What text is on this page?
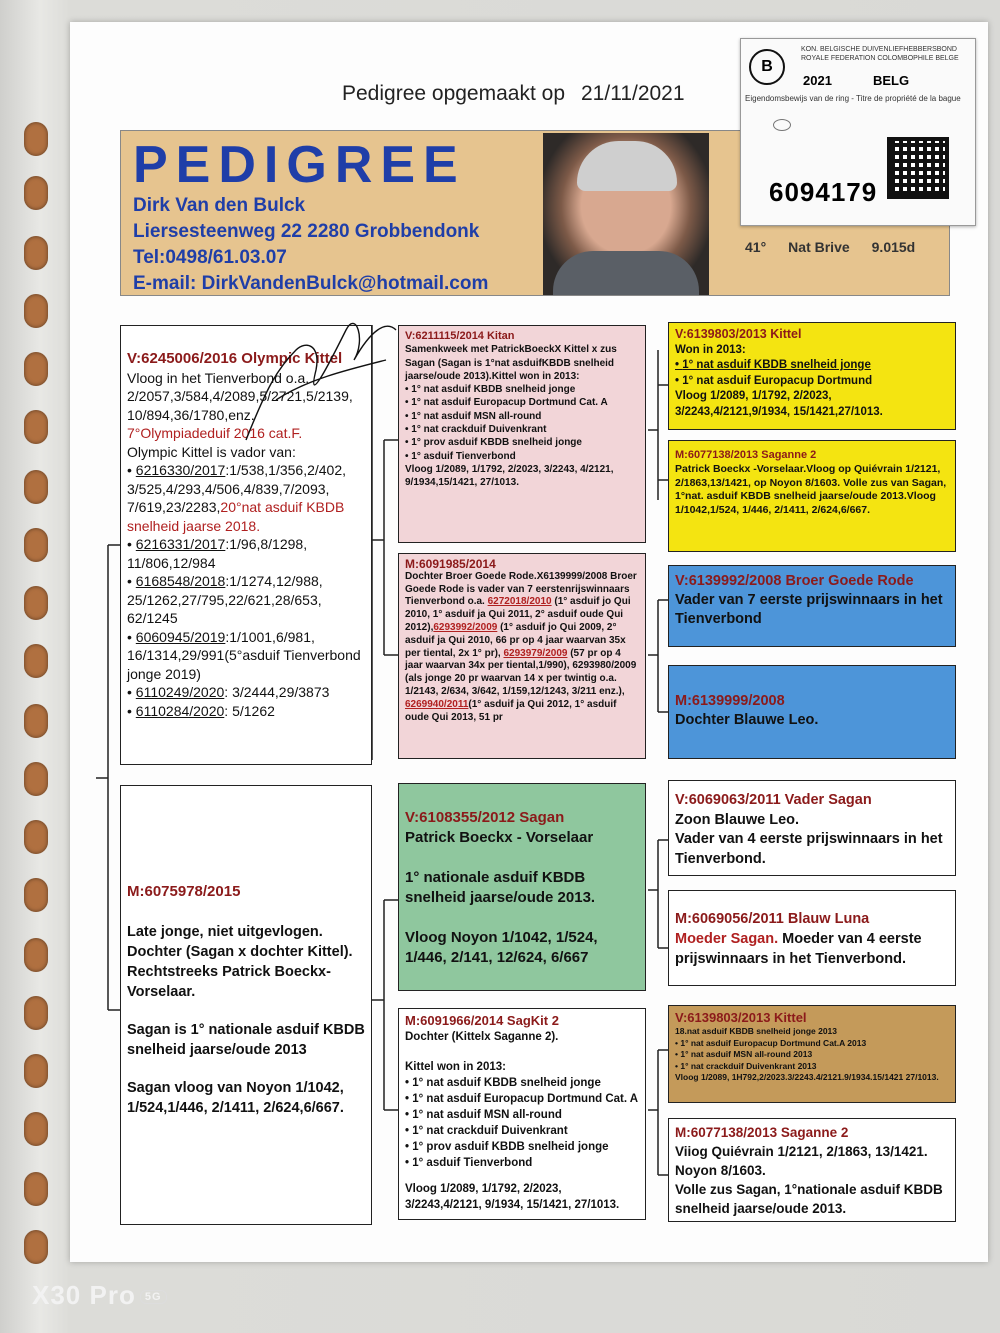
Pedigree opgemaakt op 21/11/2021
PEDIGREE
Dirk Van den Bulck
Liersesteenweg 22 2280 Grobbendonk
Tel:0498/61.03.07
E-mail: DirkVandenBulck@hotmail.com
41° Nat Brive 9.015d
B
KON. BELGISCHE DUIVENLIEFHEBBERSBOND ROYALE FEDERATION COLOMBOPHILE BELGE
2021	BELG
Eigendomsbewijs van de ring - Titre de propriété de la bague
6094179
V:6245006/2016 Olympic Kittel
Vloog in het Tienverbond o.a.
2/2057,3/584,4/2089,5/2721,5/2139,
10/894,36/1780,enz.
7°Olympiadeduif 2016 cat.F.
Olympic Kittel is vador van:
• 6216330/2017:1/538,1/356,2/402, 3/525,4/293,4/506,4/839,7/2093, 7/619,23/2283,20°nat asduif KBDB snelheid jaarse 2018.
• 6216331/2017:1/96,8/1298, 11/806,12/984
• 6168548/2018:1/1274,12/988, 25/1262,27/795,22/621,28/653, 62/1245
• 6060945/2019:1/1001,6/981, 16/1314,29/991(5°asduif Tienverbond jonge 2019)
• 6110249/2020: 3/2444,29/3873
• 6110284/2020: 5/1262
M:6075978/2015
Late jonge, niet uitgevlogen. Dochter (Sagan x dochter Kittel). Rechtstreeks Patrick Boeckx-Vorselaar.
Sagan is 1° nationale asduif KBDB snelheid jaarse/oude 2013
Sagan vloog van Noyon 1/1042, 1/524,1/446, 2/1411, 2/624,6/667.
V:6211115/2014 Kitan
Samenkweek met PatrickBoeckX Kittel x zus Sagan (Sagan is 1°nat asduifKBDB snelheid jaarse/oude 2013).Kittel won in 2013:
• 1° nat asduif KBDB snelheid jonge
• 1° nat asduif Europacup Dortmund Cat. A
• 1° nat asduif MSN all-round
• 1° nat crackduif Duivenkrant
• 1° prov asduif KBDB snelheid jonge
• 1° asduif Tienverbond
Vloog 1/2089, 1/1792, 2/2023, 3/2243, 4/2121, 9/1934,15/1421, 27/1013.
M:6091985/2014
Dochter Broer Goede Rode.X6139999/2008 Broer Goede Rode is vader van 7 eerstenrijswinnaars Tienverbond o.a. 6272018/2010 (1° asduif jo Qui 2010, 1° asduif ja Qui 2011, 2° asduif oude Qui 2012),6293992/2009 (1° asduif jo Qui 2009, 2° asduif ja Qui 2010, 66 pr op 4 jaar waarvan 35x per tiental, 2x 1° pr), 6293979/2009 (57 pr op 4 jaar waarvan 34x per tiental,1/990), 6293980/2009 (als jonge 20 pr waarvan 14 x per twintig o.a. 1/2143, 2/634, 3/642, 1/159,12/1243, 3/211 enz.), 6269940/2011(1° asduif ja Qui 2012, 1° asduif oude Qui 2013, 51 pr
V:6108355/2012 Sagan
Patrick Boeckx - Vorselaar
1° nationale asduif KBDB snelheid jaarse/oude 2013.
Vloog Noyon 1/1042, 1/524, 1/446, 2/141, 12/624, 6/667
M:6091966/2014 SagKit 2
Dochter (Kittelx Saganne 2).
Kittel won in 2013:
• 1° nat asduif KBDB snelheid jonge
• 1° nat asduif Europacup Dortmund Cat. A
• 1° nat asduif MSN all-round
• 1° nat crackduif Duivenkrant
• 1° prov asduif KBDB snelheid jonge
• 1° asduif Tienverbond
Vloog 1/2089, 1/1792, 2/2023, 3/2243,4/2121, 9/1934, 15/1421, 27/1013.
V:6139803/2013 Kittel
Won in 2013:
• 1° nat asduif KBDB snelheid jonge
• 1° nat asduif Europacup Dortmund
Vloog 1/2089, 1/1792, 2/2023, 3/2243,4/2121,9/1934, 15/1421,27/1013.
M:6077138/2013 Saganne 2
Patrick Boeckx -Vorselaar.Vloog op Quiévrain 1/2121, 2/1863,13/1421, op Noyon 8/1603. Volle zus van Sagan, 1°nat. asduif KBDB snelheid jaarse/oude 2013.Vloog 1/1042,1/524, 1/446, 2/1411, 2/624,6/667.
V:6139992/2008 Broer Goede Rode
Vader van 7 eerste prijswinnaars in het Tienverbond
M:6139999/2008
Dochter Blauwe Leo.
V:6069063/2011 Vader Sagan
Zoon Blauwe Leo.
Vader van 4 eerste prijswinnaars in het Tienverbond.
M:6069056/2011 Blauw Luna
Moeder Sagan. Moeder van 4 eerste prijswinnaars in het Tienverbond.
V:6139803/2013 Kittel
18.nat asduif KBDB snelheid jonge 2013
• 1° nat asduif Europacup Dortmund Cat.A 2013
• 1° nat asduif MSN all-round 2013
• 1° nat crackduif Duivenkrant 2013
Vloog 1/2089, 1H792,2/2023.3/2243.4/2121.9/1934.15/1421 27/1013.
M:6077138/2013 Saganne 2
Viiog Quiévrain 1/2121, 2/1863, 13/1421.
Noyon 8/1603.
Volle zus Sagan, 1°nationale asduif KBDB snelheid jaarse/oude 2013.
X30 Pro 5G
